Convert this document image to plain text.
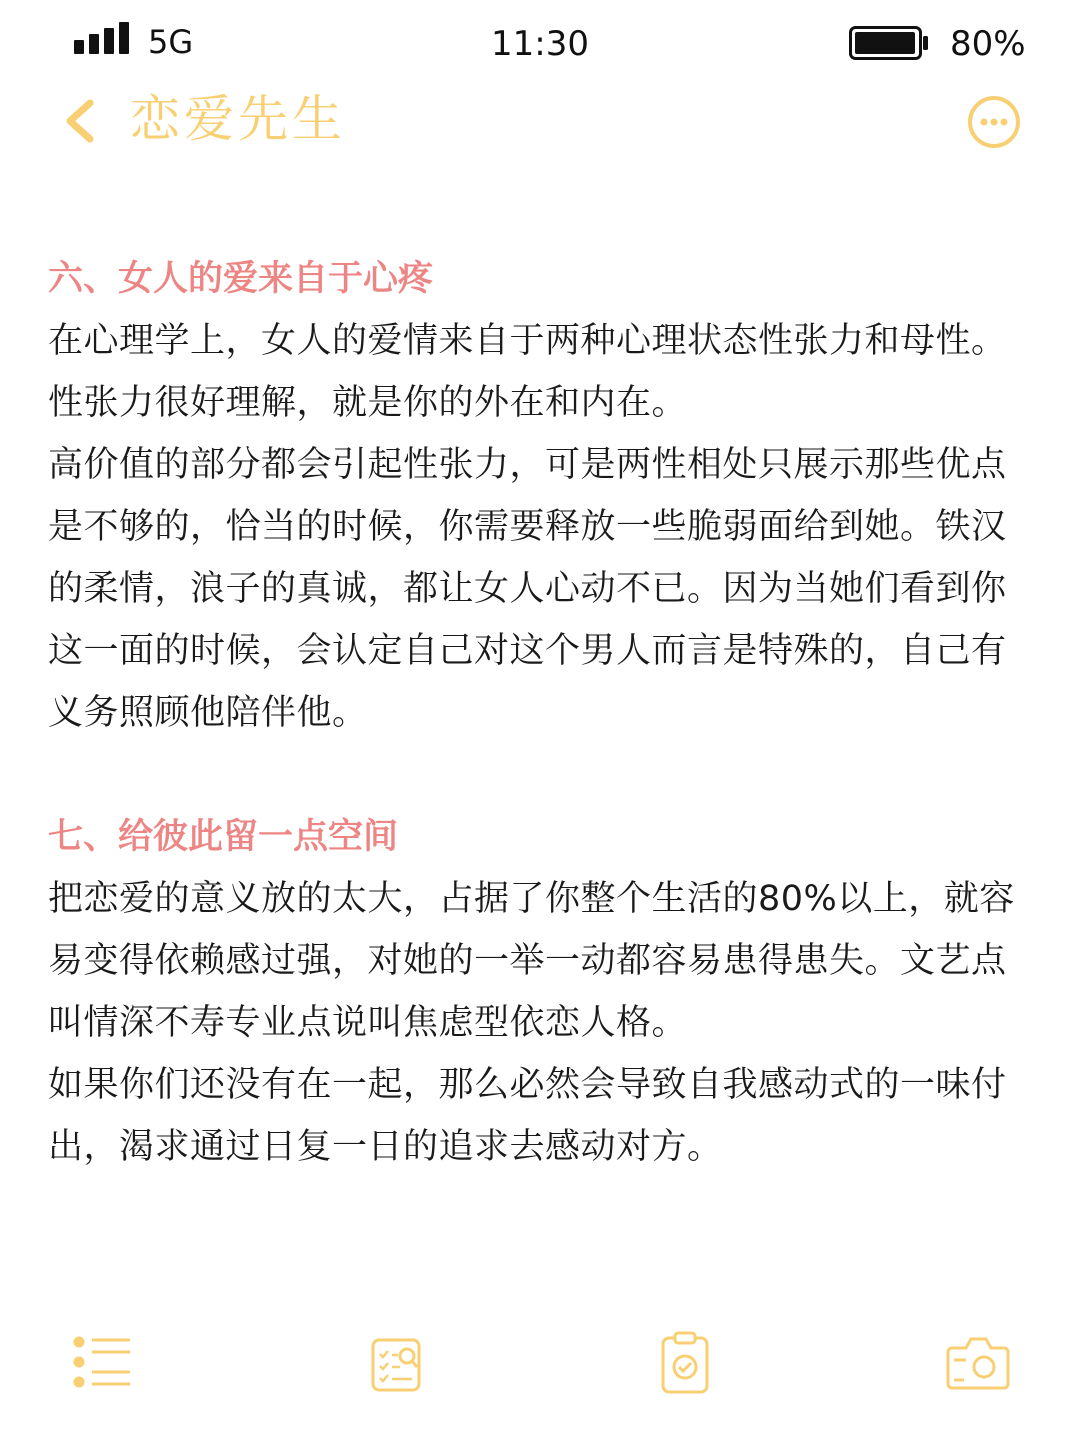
5G	11:30	80%
恋爱先生

六、女人的爱来自于心疼

在心理学上，女人的爱情来自于两种心理状态性张力和母性。性张力很好理解，就是你的外在和内在。

高价值的部分都会引起性张力，可是两性相处只展示那些优点是不够的，恰当的时候，你需要释放一些脆弱面给到她。铁汉的柔情，浪子的真诚，都让女人心动不已。因为当她们看到你这一面的时候，会认定自己对这个男人而言是特殊的，自己有义务照顾他陪伴他。

七、给彼此留一点空间

把恋爱的意义放的太大，占据了你整个生活的80%以上，就容易变得依赖感过强，对她的一举一动都容易患得患失。文艺点叫情深不寿专业点说叫焦虑型依恋人格。

如果你们还没有在一起，那么必然会导致自我感动式的一味付出，渴求通过日复一日的追求去感动对方。
